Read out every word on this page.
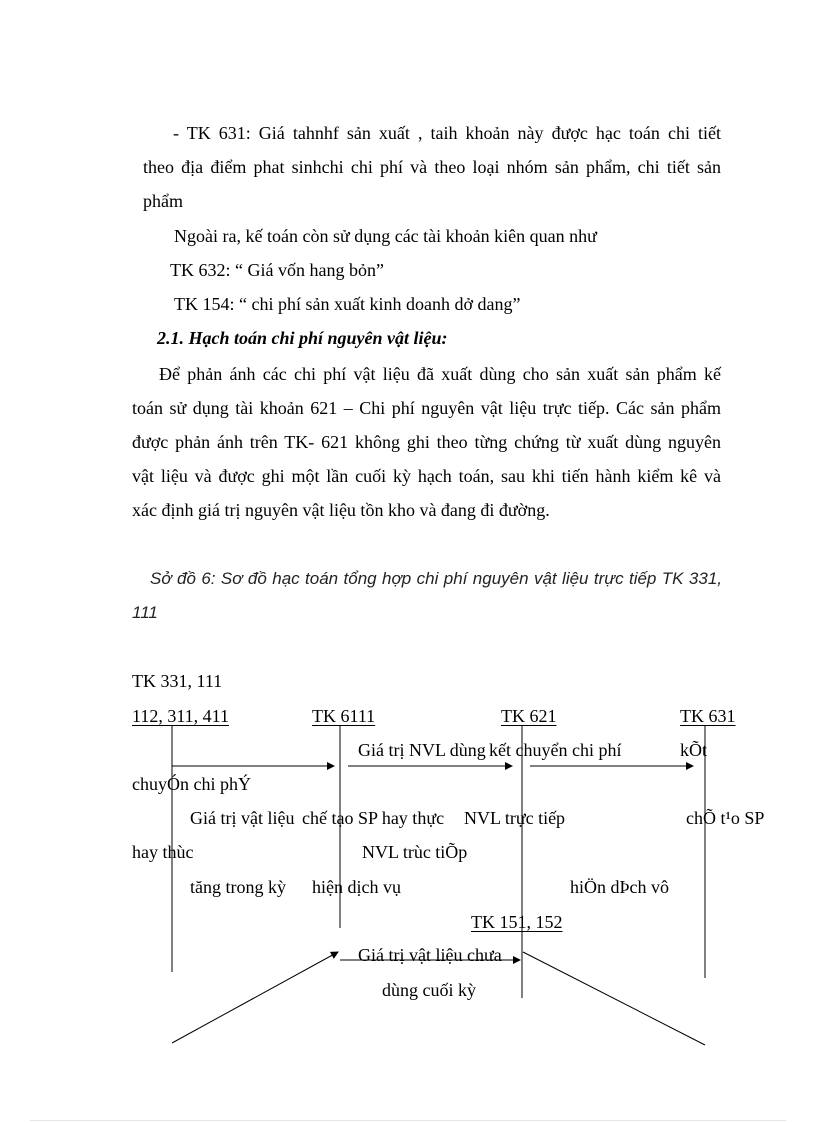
- TK 631: Giá tahnhf sản xuất , taih khoản này được hạc toán chi tiết
theo địa điểm phat sinhchi chi phí và theo loại nhóm sản phẩm, chi tiết sản
phẩm
Ngoài ra, kế toán còn sử dụng các tài khoản kiên quan như
TK 632: “ Giá vốn hang bỏn”
TK 154: “ chi phí sản xuất kinh doanh dở dang”
2.1. Hạch toán chi phí nguyên vật liệu:
Để phản ánh các chi phí vật liệu đã xuất dùng cho sản xuất sản phẩm kế
toán sử dụng tài khoản 621 – Chi phí nguyên vật liệu trực tiếp. Các sản phẩm
được phản ánh trên TK- 621 không ghi theo từng chứng từ xuất dùng nguyên
vật liệu và được ghi một lần cuối kỳ hạch toán, sau khi tiến hành kiểm kê và
xác định giá trị nguyên vật liệu tồn kho và đang đi đường.
Sở đồ 6: Sơ đồ hạc toán tổng hợp chi phí nguyên vật liệu trực tiếp TK 331,
111
TK 331, 111
112, 311, 411	TK 6111	TK 621	TK 631
Giá trị NVL dùng kết chuyển chi phí	kÕt
chuyÓn chi phÝ
Giá trị vật liệu chế tạo SP hay thực NVL trực tiếp	chÕ t¹o SP
hay thùc	NVL trùc tiÕp
tăng trong kỳ hiện dịch vụ	hiÖn dÞch vô
TK 151, 152
Giá trị vật liệu chưa
dùng cuối kỳ
